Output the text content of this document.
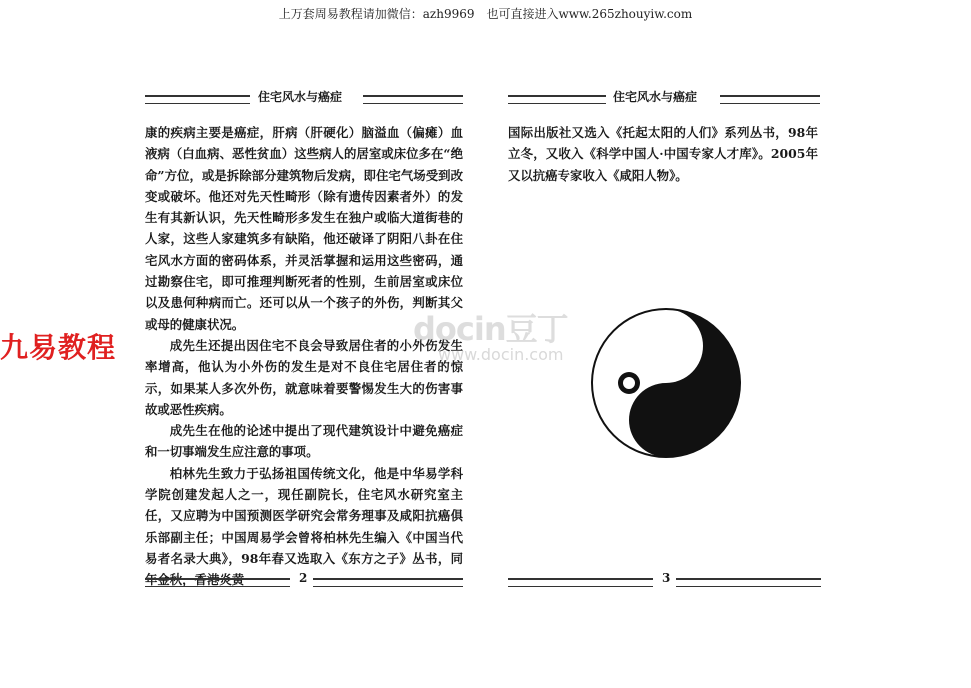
上万套周易教程请加微信：azh9969　也可直接进入www.265zhouyiw.com
九易教程
住宅风水与癌症

康的疾病主要是癌症，肝病（肝硬化）脑溢血（偏瘫）血液病（白血病、恶性贫血）这些病人的居室或床位多在“绝命”方位，或是拆除部分建筑物后发病，即住宅气场受到改变或破坏。他还对先天性畸形（除有遗传因素者外）的发生有其新认识，先天性畸形多发生在独户或临大道街巷的人家，这些人家建筑多有缺陷，他还破译了阴阳八卦在住宅风水方面的密码体系，并灵活掌握和运用这些密码，通过勘察住宅，即可推理判断死者的性别，生前居室或床位以及患何种病而亡。还可以从一个孩子的外伤，判断其父或母的健康状况。

成先生还提出因住宅不良会导致居住者的小外伤发生率增高，他认为小外伤的发生是对不良住宅居住者的惊示，如果某人多次外伤，就意味着要警惕发生大的伤害事故或恶性疾病。

成先生在他的论述中提出了现代建筑设计中避免癌症和一切事端发生应注意的事项。

柏林先生致力于弘扬祖国传统文化，他是中华易学科学院创建发起人之一，现任副院长，住宅风水研究室主任，又应聘为中国预测医学研究会常务理事及咸阳抗癌俱乐部副主任；中国周易学会曾将柏林先生编入《中国当代易者名录大典》，98年春又选取入《东方之子》丛书，同年金秋，香港炎黄	2
住宅风水与癌症

国际出版社又选入《托起太阳的人们》系列丛书，98年立冬，又收入《科学中国人·中国专家人才库》。2005年又以抗癌专家收入《咸阳人物》。

3
docin豆丁
www.docin.com
